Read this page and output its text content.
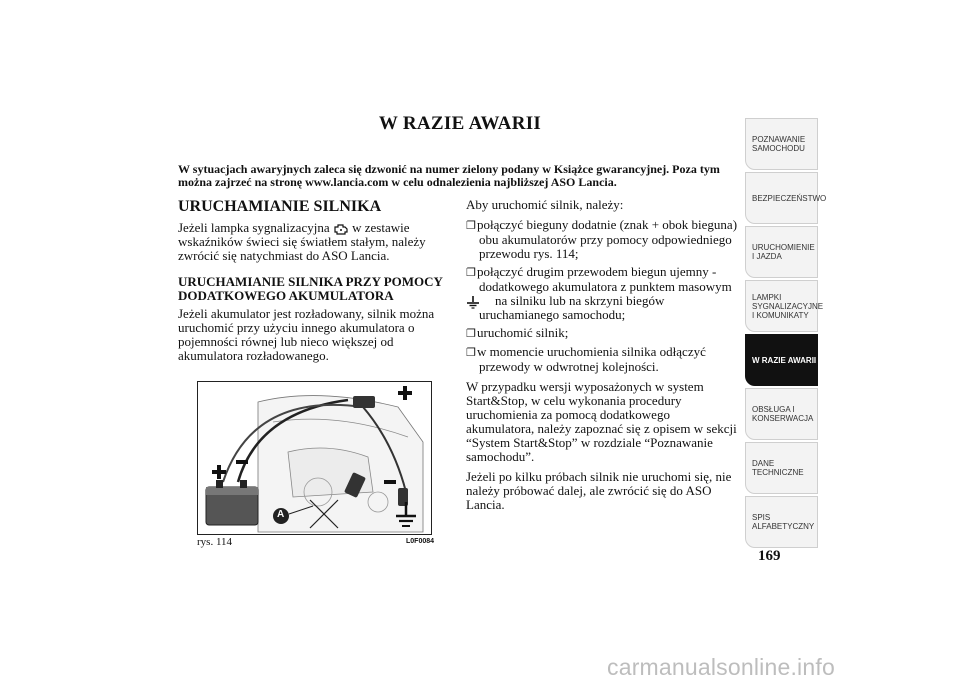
W RAZIE AWARII
W sytuacjach awaryjnych zaleca się dzwonić na numer zielony podany w Książce gwarancyjnej. Poza tym można zajrzeć na stronę www.lancia.com w celu odnalezienia najbliższej ASO Lancia.
URUCHAMIANIE SILNIKA

Jeżeli lampka sygnalizacyjna w zestawie wskaźników świeci się światłem stałym, należy zwrócić się natychmiast do ASO Lancia.

URUCHAMIANIE SILNIKA PRZY POMOCY DODATKOWEGO AKUMULATORA

Jeżeli akumulator jest rozładowany, silnik można uruchomić przy użyciu innego akumulatora o pojemności równej lub nieco większej od akumulatora rozładowanego.

Aby uruchomić silnik, należy:

❐połączyć bieguny dodatnie (znak + obok bieguna) obu akumulatorów przy pomocy odpowiedniego przewodu rys. 114;
❐połączyć drugim przewodem biegun ujemny - dodatkowego akumulatora z punktem masowym na silniku lub na skrzyni biegów uruchamianego samochodu;
❐uruchomić silnik;
❐w momencie uruchomienia silnika odłączyć przewody w odwrotnej kolejności.

W przypadku wersji wyposażonych w system Start&Stop, w celu wykonania procedury uruchomienia za pomocą dodatkowego akumulatora, należy zapoznać się z opisem w sekcji “System Start&Stop” w rozdziale “Poznawanie samochodu”.

Jeżeli po kilku próbach silnik nie uruchomi się, nie należy próbować dalej, ale zwrócić się do ASO Lancia.

A
rys. 114	L0F0084
POZNAWANIE SAMOCHODU
BEZPIECZEŃSTWO
URUCHOMIENIE I JAZDA
LAMPKI SYGNALIZACYJNE I KOMUNIKATY
W RAZIE AWARII
OBSŁUGA I KONSERWACJA
DANE TECHNICZNE
SPIS ALFABETYCZNY
169
carmanualsonline.info
